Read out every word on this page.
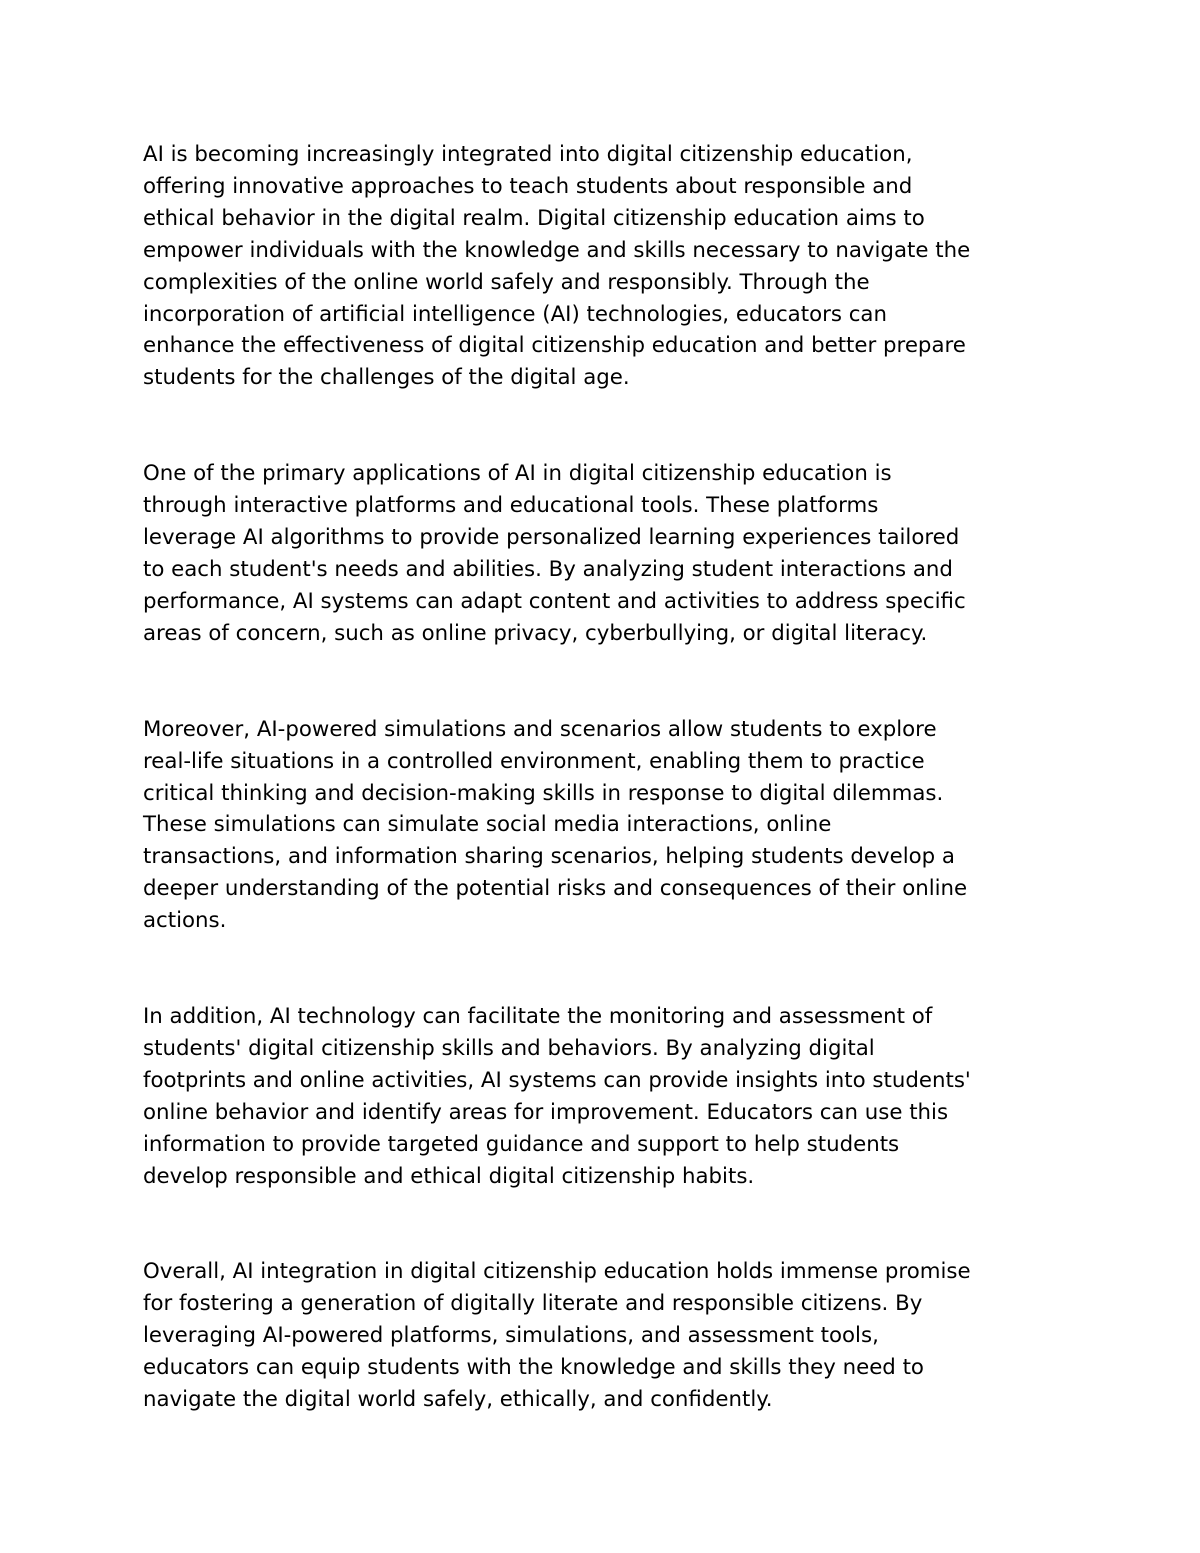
AI is becoming increasingly integrated into digital citizenship education,
offering innovative approaches to teach students about responsible and
ethical behavior in the digital realm. Digital citizenship education aims to
empower individuals with the knowledge and skills necessary to navigate the
complexities of the online world safely and responsibly. Through the
incorporation of artificial intelligence (AI) technologies, educators can
enhance the effectiveness of digital citizenship education and better prepare
students for the challenges of the digital age.

One of the primary applications of AI in digital citizenship education is
through interactive platforms and educational tools. These platforms
leverage AI algorithms to provide personalized learning experiences tailored
to each student's needs and abilities. By analyzing student interactions and
performance, AI systems can adapt content and activities to address specific
areas of concern, such as online privacy, cyberbullying, or digital literacy.

Moreover, AI-powered simulations and scenarios allow students to explore
real-life situations in a controlled environment, enabling them to practice
critical thinking and decision-making skills in response to digital dilemmas.
These simulations can simulate social media interactions, online
transactions, and information sharing scenarios, helping students develop a
deeper understanding of the potential risks and consequences of their online
actions.

In addition, AI technology can facilitate the monitoring and assessment of
students' digital citizenship skills and behaviors. By analyzing digital
footprints and online activities, AI systems can provide insights into students'
online behavior and identify areas for improvement. Educators can use this
information to provide targeted guidance and support to help students
develop responsible and ethical digital citizenship habits.

Overall, AI integration in digital citizenship education holds immense promise
for fostering a generation of digitally literate and responsible citizens. By
leveraging AI-powered platforms, simulations, and assessment tools,
educators can equip students with the knowledge and skills they need to
navigate the digital world safely, ethically, and confidently.
